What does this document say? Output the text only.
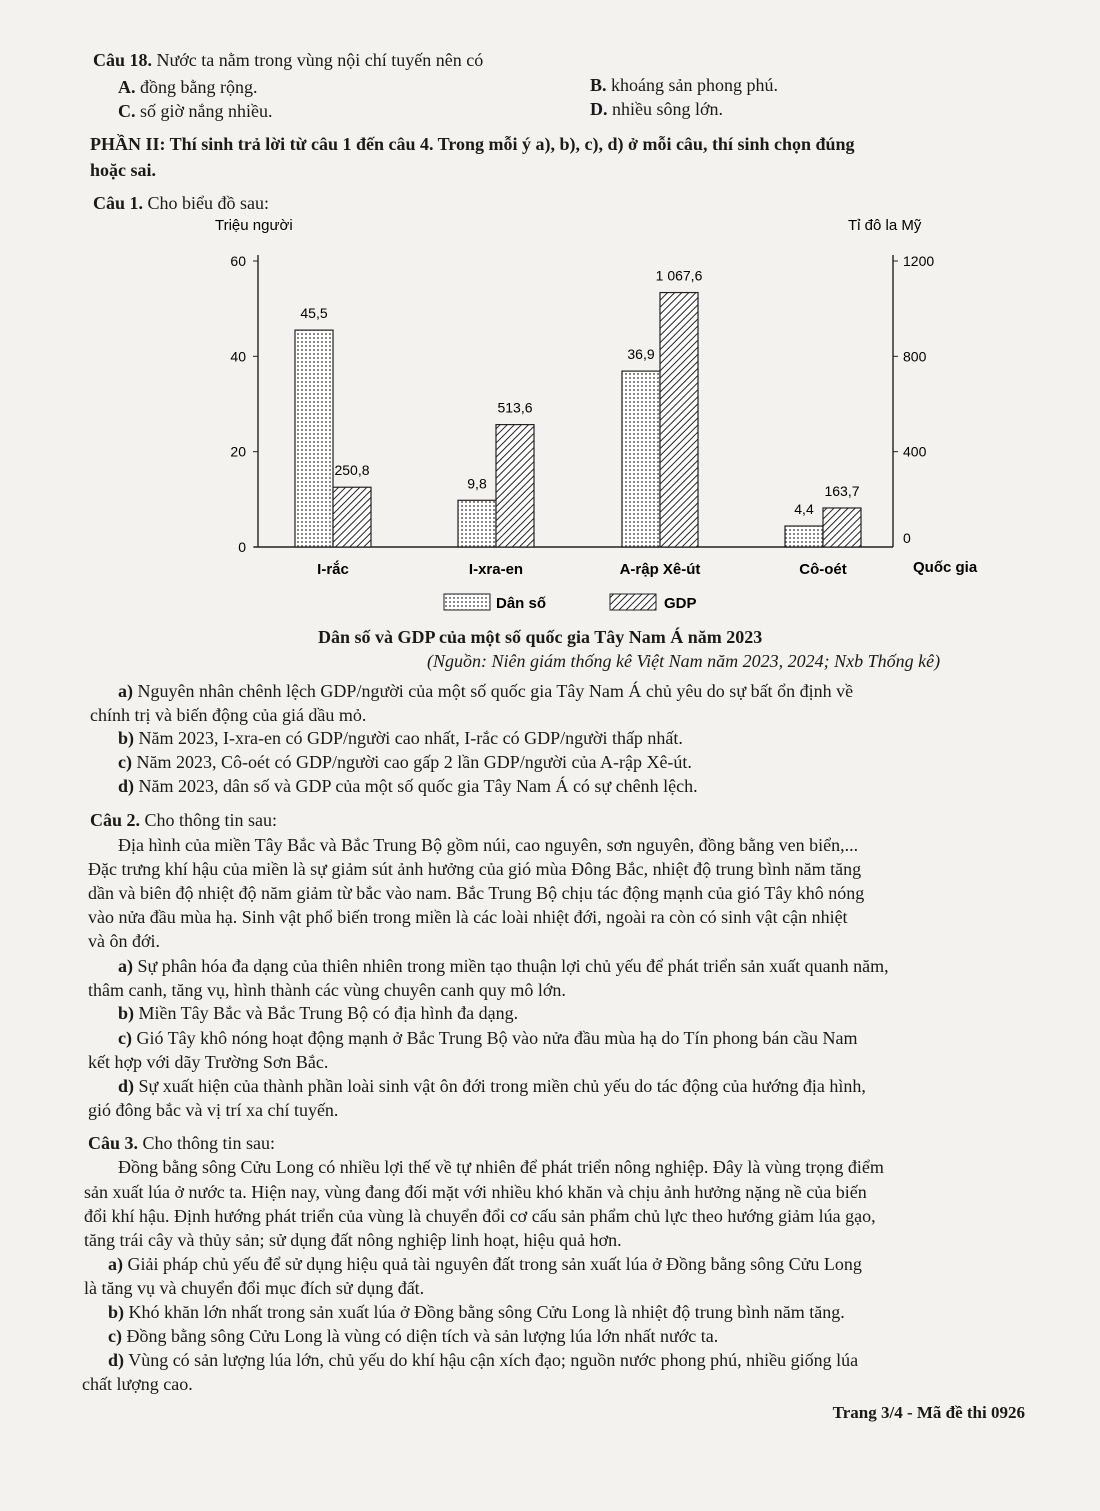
Câu 18. Nước ta nằm trong vùng nội chí tuyến nên có
A. đồng bằng rộng.	B. khoáng sản phong phú.
C. số giờ nắng nhiều.	D. nhiều sông lớn.
PHẦN II: Thí sinh trả lời từ câu 1 đến câu 4. Trong mỗi ý a), b), c), d) ở mỗi câu, thí sinh chọn đúng
hoặc sai.
Câu 1. Cho biểu đồ sau:
0
20
40
60
0
400
800
1200
Triệu người	Tỉ đô la Mỹ
Quốc gia
45,5
250,8
I-rắc
9,8
513,6
I-xra-en
36,9
1 067,6
A-rập Xê-út
4,4
163,7
Cô-oét
Dân số	GDP
Dân số và GDP của một số quốc gia Tây Nam Á năm 2023
(Nguồn: Niên giám thống kê Việt Nam năm 2023, 2024; Nxb Thống kê)
a) Nguyên nhân chênh lệch GDP/người của một số quốc gia Tây Nam Á chủ yêu do sự bất ổn định về
chính trị và biến động của giá dầu mỏ.
b) Năm 2023, I-xra-en có GDP/người cao nhất, I-rắc có GDP/người thấp nhất.
c) Năm 2023, Cô-oét có GDP/người cao gấp 2 lần GDP/người của A-rập Xê-út.
d) Năm 2023, dân số và GDP của một số quốc gia Tây Nam Á có sự chênh lệch.
Câu 2. Cho thông tin sau:
Địa hình của miền Tây Bắc và Bắc Trung Bộ gồm núi, cao nguyên, sơn nguyên, đồng bằng ven biển,...
Đặc trưng khí hậu của miền là sự giảm sút ảnh hưởng của gió mùa Đông Bắc, nhiệt độ trung bình năm tăng
dần và biên độ nhiệt độ năm giảm từ bắc vào nam. Bắc Trung Bộ chịu tác động mạnh của gió Tây khô nóng
vào nửa đầu mùa hạ. Sinh vật phổ biến trong miền là các loài nhiệt đới, ngoài ra còn có sinh vật cận nhiệt
và ôn đới.
a) Sự phân hóa đa dạng của thiên nhiên trong miền tạo thuận lợi chủ yếu để phát triển sản xuất quanh năm,
thâm canh, tăng vụ, hình thành các vùng chuyên canh quy mô lớn.
b) Miền Tây Bắc và Bắc Trung Bộ có địa hình đa dạng.
c) Gió Tây khô nóng hoạt động mạnh ở Bắc Trung Bộ vào nửa đầu mùa hạ do Tín phong bán cầu Nam
kết hợp với dãy Trường Sơn Bắc.
d) Sự xuất hiện của thành phần loài sinh vật ôn đới trong miền chủ yếu do tác động của hướng địa hình,
gió đông bắc và vị trí xa chí tuyến.
Câu 3. Cho thông tin sau:
Đồng bằng sông Cửu Long có nhiều lợi thế về tự nhiên để phát triển nông nghiệp. Đây là vùng trọng điểm
sản xuất lúa ở nước ta. Hiện nay, vùng đang đối mặt với nhiều khó khăn và chịu ảnh hưởng nặng nề của biến
đổi khí hậu. Định hướng phát triển của vùng là chuyển đổi cơ cấu sản phẩm chủ lực theo hướng giảm lúa gạo,
tăng trái cây và thủy sản; sử dụng đất nông nghiệp linh hoạt, hiệu quả hơn.
a) Giải pháp chủ yếu để sử dụng hiệu quả tài nguyên đất trong sản xuất lúa ở Đồng bằng sông Cửu Long
là tăng vụ và chuyển đổi mục đích sử dụng đất.
b) Khó khăn lớn nhất trong sản xuất lúa ở Đồng bằng sông Cửu Long là nhiệt độ trung bình năm tăng.
c) Đồng bằng sông Cửu Long là vùng có diện tích và sản lượng lúa lớn nhất nước ta.
d) Vùng có sản lượng lúa lớn, chủ yếu do khí hậu cận xích đạo; nguồn nước phong phú, nhiều giống lúa
chất lượng cao.
Trang 3/4 - Mã đề thi 0926
